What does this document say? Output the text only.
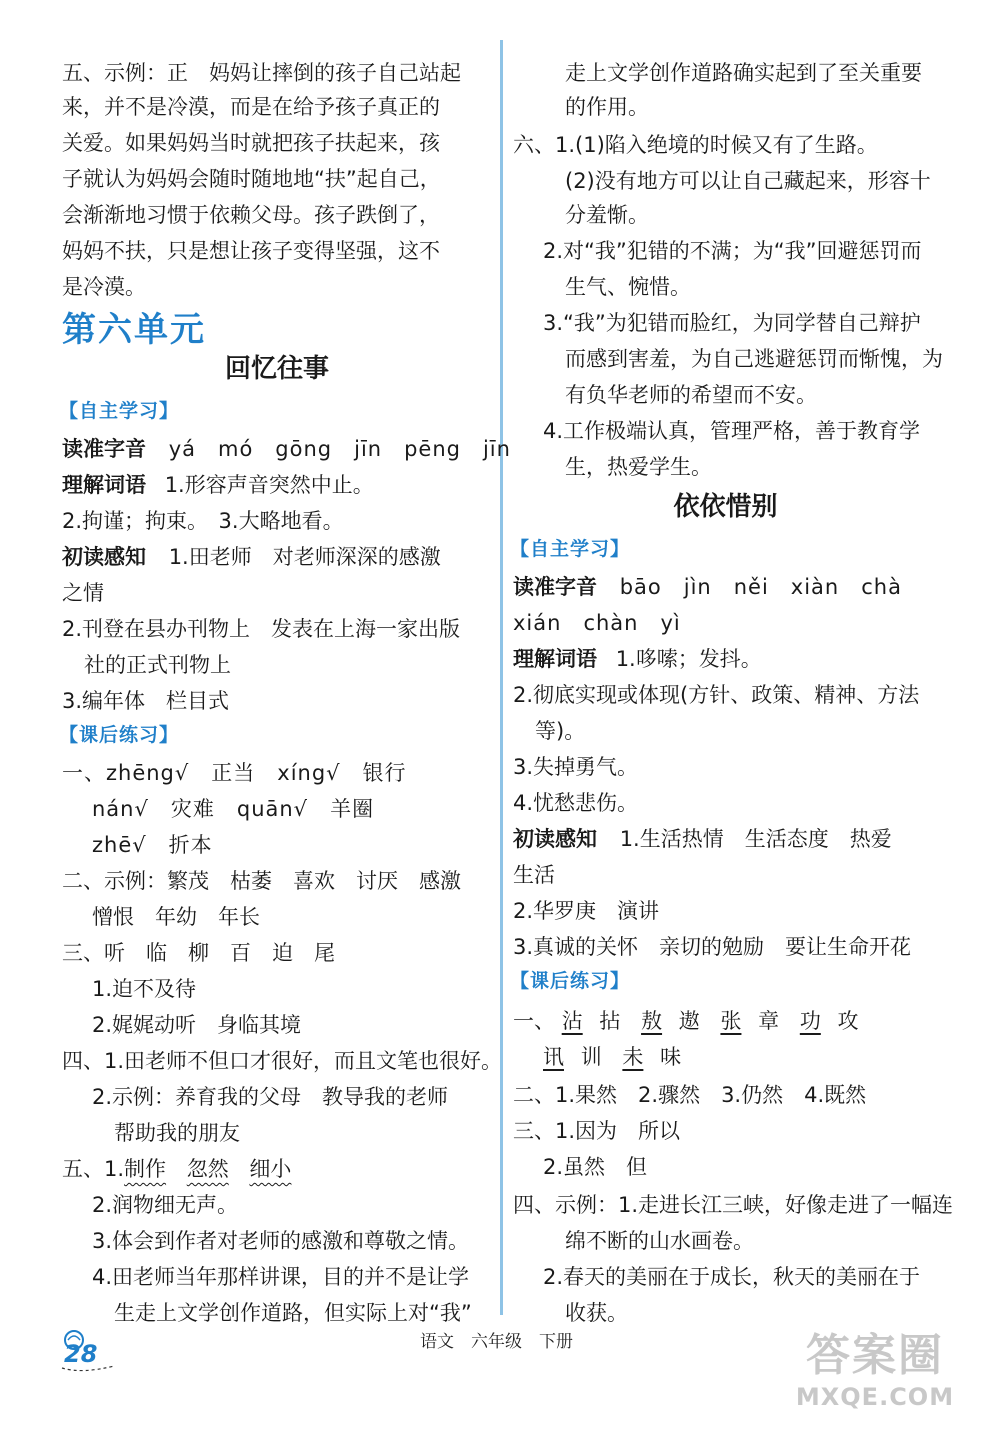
五、示例：正　妈妈让摔倒的孩子自己站起
来，并不是冷漠，而是在给予孩子真正的
关爱。如果妈妈当时就把孩子扶起来，孩
子就认为妈妈会随时随地地“扶”起自己，
会渐渐地习惯于依赖父母。孩子跌倒了，
妈妈不扶，只是想让孩子变得坚强，这不
是冷漠。
第六单元
回忆往事
【自主学习】
读准字音 yá　mó　gōng　jīn　pēng　jīn
理解词语 1.形容声音突然中止。
2.拘谨；拘束。　3.大略地看。
初读感知 1.田老师　对老师深深的感激
之情
2.刊登在县办刊物上　发表在上海一家出版
社的正式刊物上
3.编年体　栏目式
【课后练习】
一、zhēng√　正当　xíng√　银行
nán√　灾难　quān√　羊圈
zhē√　折本
二、示例：繁茂　枯萎　喜欢　讨厌　感激
憎恨　年幼　年长
三、听　临　柳　百　迫　尾
1.迫不及待
2.娓娓动听　身临其境
四、1.田老师不但口才很好，而且文笔也很好。
2.示例：养育我的父母　教导我的老师
帮助我的朋友
五、1.制作 忽然 细小
2.润物细无声。
3.体会到作者对老师的感激和尊敬之情。
4.田老师当年那样讲课，目的并不是让学
生走上文学创作道路，但实际上对“我”
走上文学创作道路确实起到了至关重要
的作用。
六、1.(1)陷入绝境的时候又有了生路。
(2)没有地方可以让自己藏起来，形容十
分羞惭。
2.对“我”犯错的不满；为“我”回避惩罚而
生气、惋惜。
3.“我”为犯错而脸红，为同学替自己辩护
而感到害羞，为自己逃避惩罚而惭愧，为
有负华老师的希望而不安。
4.工作极端认真，管理严格，善于教育学
生，热爱学生。
依依惜别
【自主学习】
读准字音 bāo　jìn　něi　xiàn　chà
xián　chàn　yì
理解词语 1.哆嗦；发抖。
2.彻底实现或体现(方针、政策、精神、方法
等)。
3.失掉勇气。
4.忧愁悲伤。
初读感知 1.生活热情　生活态度　热爱
生活
2.华罗庚　演讲
3.真诚的关怀　亲切的勉励　要让生命开花
【课后练习】
一、 沾 拈 敖 遨 张 章 功 攻
讯 训 未 味
二、1.果然　2.骤然　3.仍然　4.既然
三、1.因为　所以
2.虽然　但
四、示例：1.走进长江三峡，好像走进了一幅连
绵不断的山水画卷。
2.春天的美丽在于成长，秋天的美丽在于
收获。
28	语文　六年级　下册	答案圈
MXQE.COM
